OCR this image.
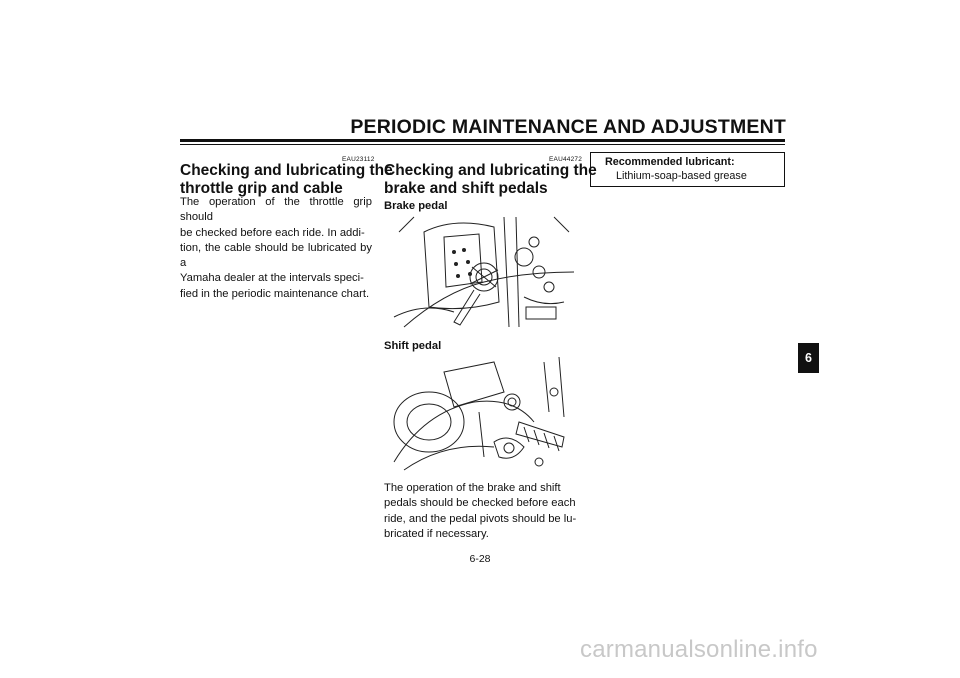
PERIODIC MAINTENANCE AND ADJUSTMENT
EAU23112
Checking and lubricating the
throttle grip and cable
The operation of the throttle grip should
be checked before each ride. In addi-
tion, the cable should be lubricated by a
Yamaha dealer at the intervals speci-
fied in the periodic maintenance chart.
EAU44272
Checking and lubricating the
brake and shift pedals
Brake pedal
Shift pedal
The operation of the brake and shift
pedals should be checked before each
ride, and the pedal pivots should be lu-
bricated if necessary.
Recommended lubricant:
Lithium-soap-based grease
6
6-28
carmanualsonline.info
